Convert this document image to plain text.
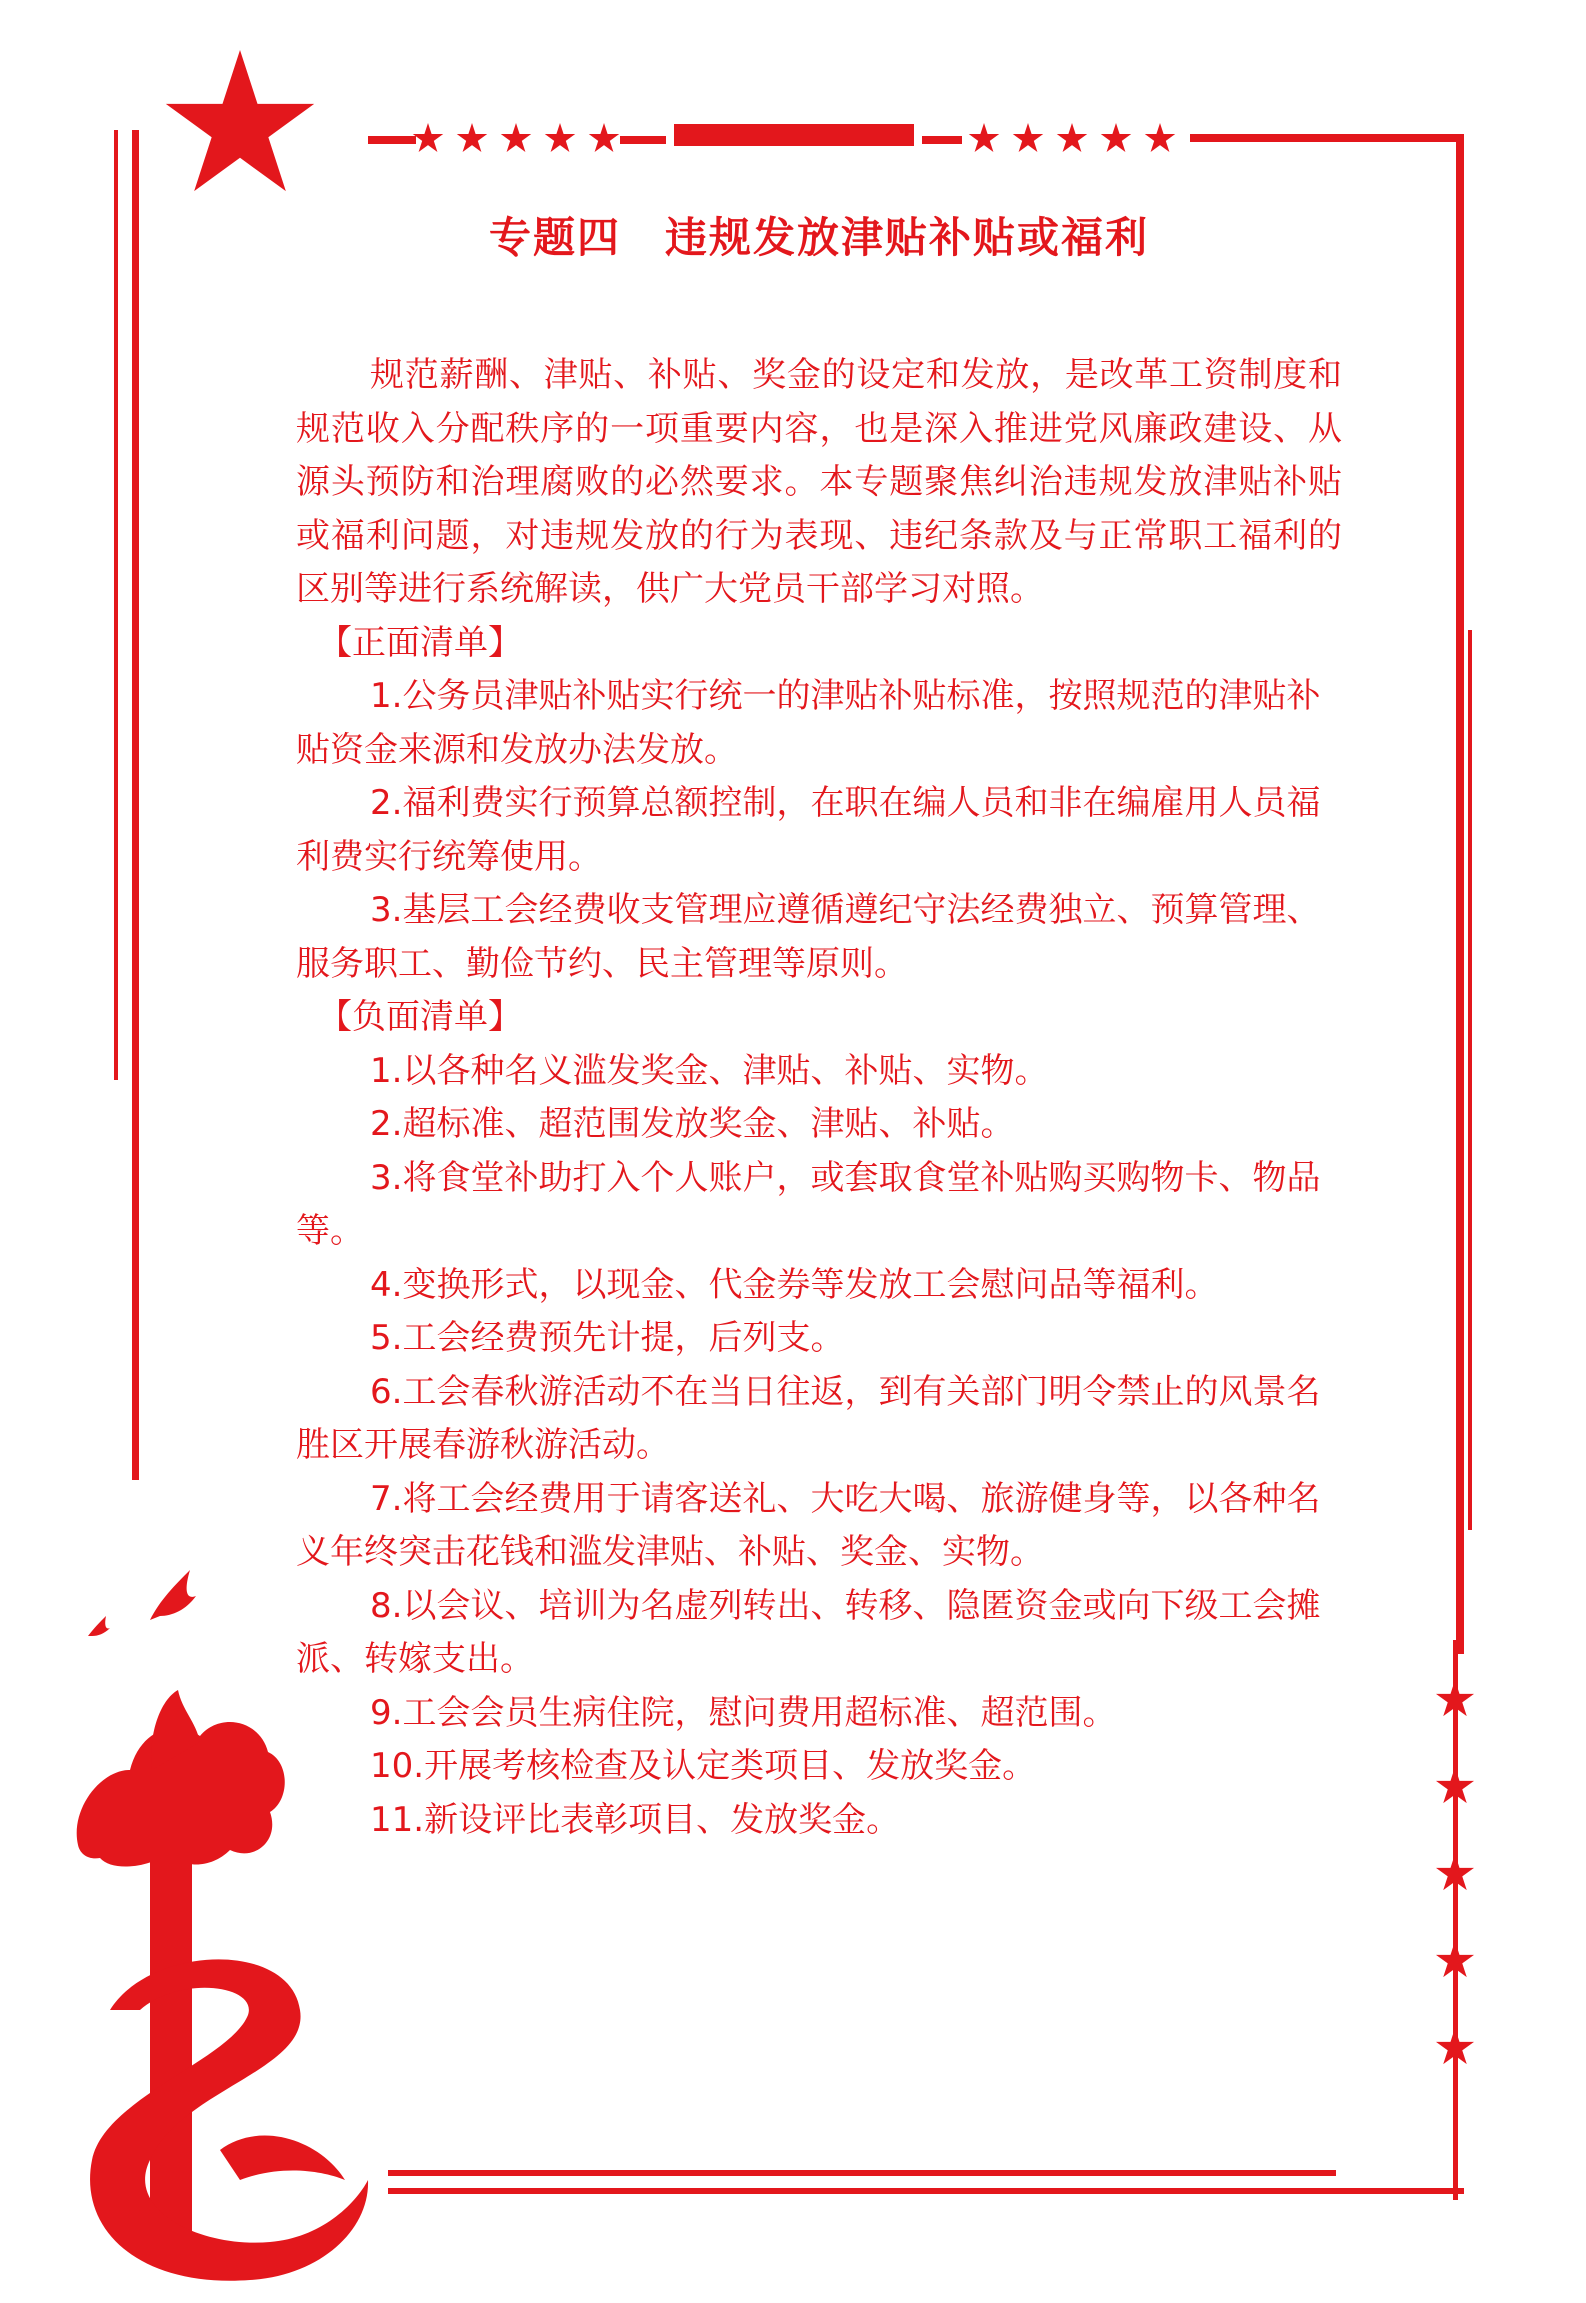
专题四　违规发放津贴补贴或福利

规范薪酬、津贴、补贴、奖金的设定和发放，是改革工资制度和规范收入分配秩序的一项重要内容，也是深入推进党风廉政建设、从源头预防和治理腐败的必然要求。本专题聚焦纠治违规发放津贴补贴或福利问题，对违规发放的行为表现、违纪条款及与正常职工福利的区别等进行系统解读，供广大党员干部学习对照。

【正面清单】

1.公务员津贴补贴实行统一的津贴补贴标准，按照规范的津贴补贴资金来源和发放办法发放。

2.福利费实行预算总额控制，在职在编人员和非在编雇用人员福利费实行统筹使用。

3.基层工会经费收支管理应遵循遵纪守法经费独立、预算管理、服务职工、勤俭节约、民主管理等原则。

【负面清单】

1.以各种名义滥发奖金、津贴、补贴、实物。

2.超标准、超范围发放奖金、津贴、补贴。

3.将食堂补助打入个人账户，或套取食堂补贴购买购物卡、物品等。

4.变换形式，以现金、代金券等发放工会慰问品等福利。

5.工会经费预先计提，后列支。

6.工会春秋游活动不在当日往返，到有关部门明令禁止的风景名胜区开展春游秋游活动。

7.将工会经费用于请客送礼、大吃大喝、旅游健身等，以各种名义年终突击花钱和滥发津贴、补贴、奖金、实物。

8.以会议、培训为名虚列转出、转移、隐匿资金或向下级工会摊派、转嫁支出。

9.工会会员生病住院，慰问费用超标准、超范围。

10.开展考核检查及认定类项目、发放奖金。

11.新设评比表彰项目、发放奖金。
